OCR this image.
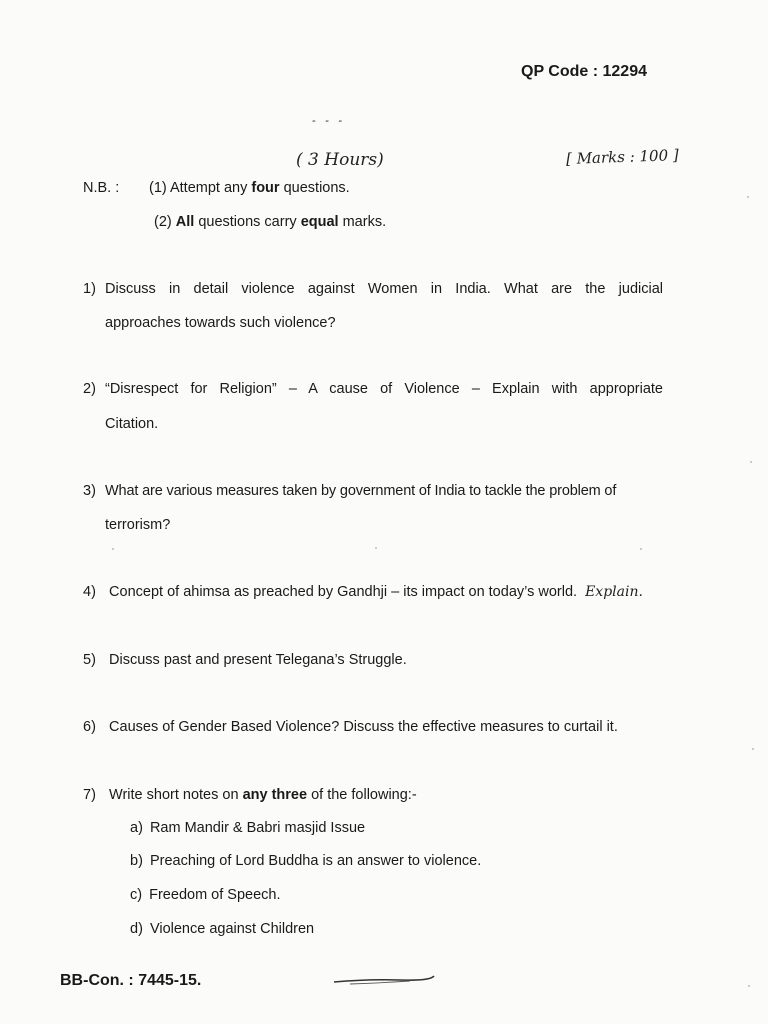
QP Code : 12294
- - -
( 3 Hours)	[ Marks : 100 ]
N.B. : (1) Attempt any four questions.
(2) All questions carry equal marks.
1) Discuss in detail violence against Women in India. What are the judicial
approaches towards such violence?
2) “Disrespect for Religion” – A cause of Violence – Explain with appropriate
Citation.
3) What are various measures taken by government of India to tackle the problem of
terrorism?
4) Concept of ahimsa as preached by Gandhji – its impact on today’s world. Explain.
5) Discuss past and present Telegana’s Struggle.
6) Causes of Gender Based Violence? Discuss the effective measures to curtail it.
7) Write short notes on any three of the following:-
a) Ram Mandir & Babri masjid Issue
b) Preaching of Lord Buddha is an answer to violence.
c) Freedom of Speech.
d) Violence against Children
BB-Con. : 7445-15.
